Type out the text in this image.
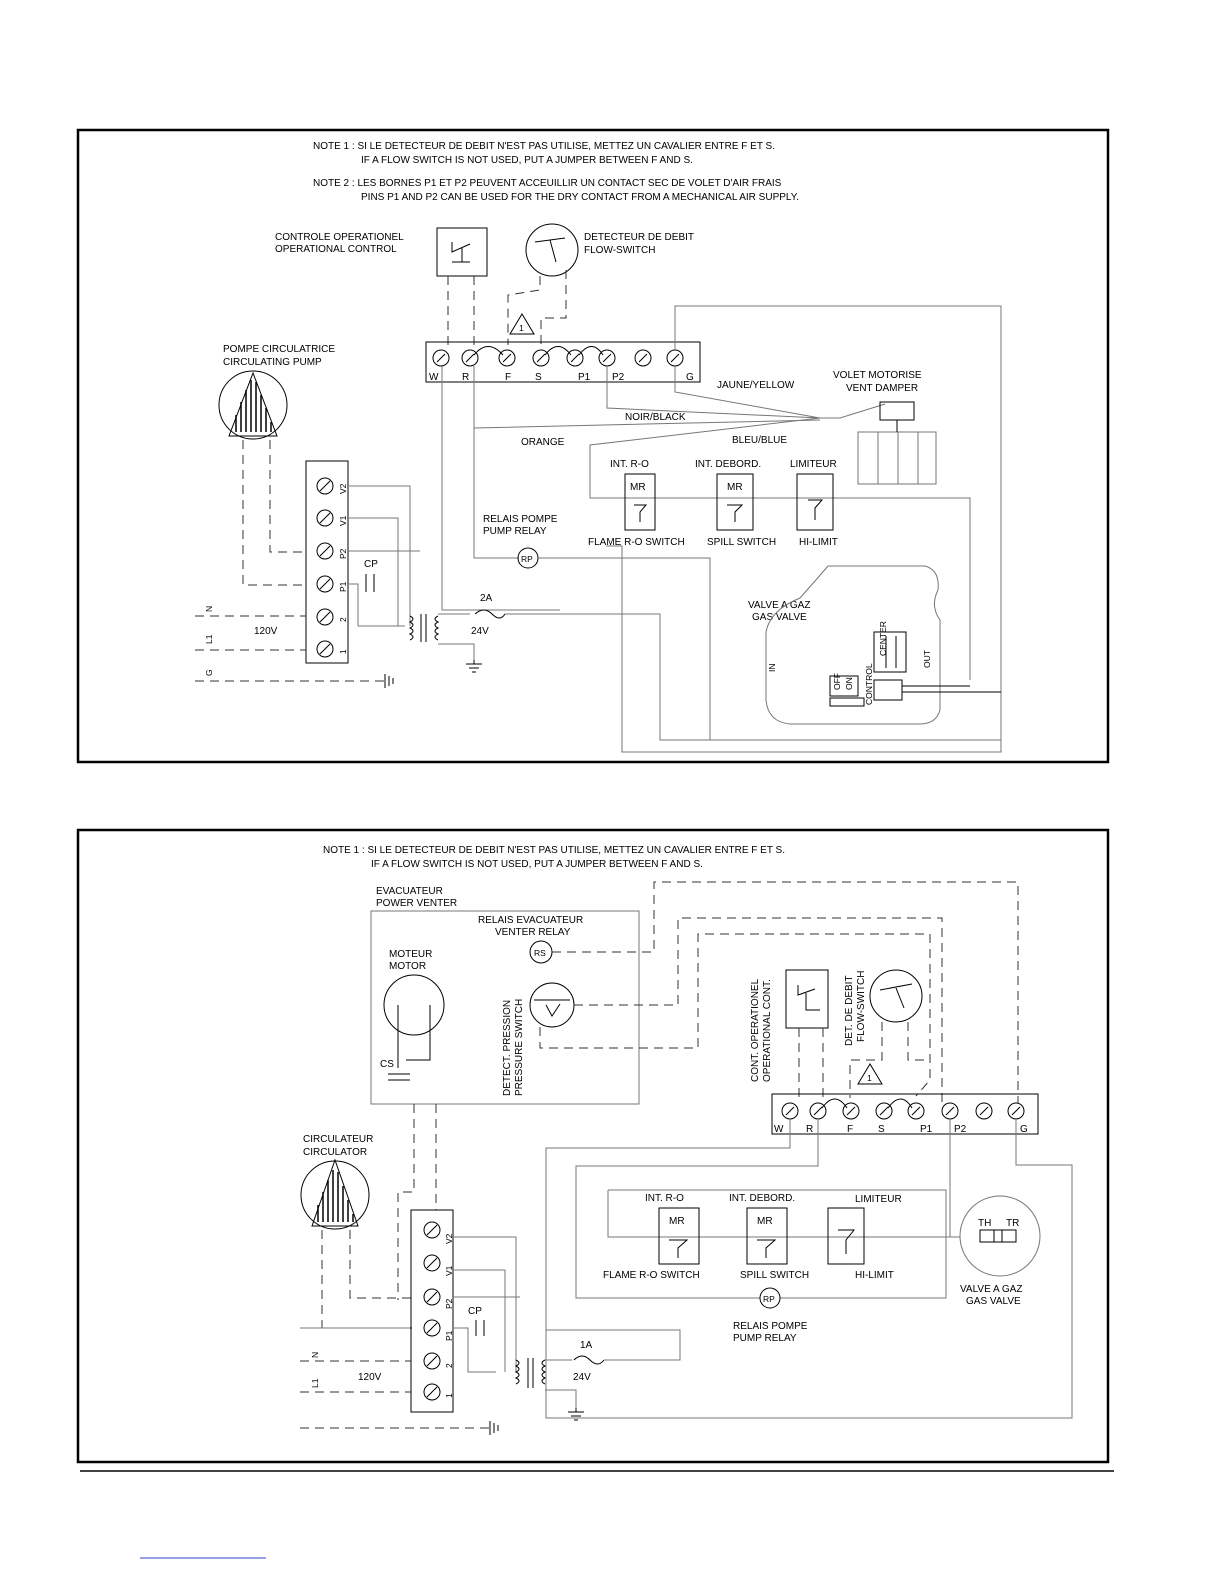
NOTE 1 : SI LE DETECTEUR DE DEBIT N'EST PAS UTILISE, METTEZ UN CAVALIER ENTRE F ET S.
IF A FLOW SWITCH IS NOT USED, PUT A JUMPER BETWEEN F AND S.
NOTE 2 : LES BORNES P1 ET P2 PEUVENT ACCEUILLIR UN CONTACT SEC DE VOLET D'AIR FRAIS
PINS P1 AND P2 CAN BE USED FOR THE DRY CONTACT FROM A MECHANICAL AIR SUPPLY.
CONTROLE OPERATIONEL
OPERATIONAL CONTROL
DETECTEUR DE DEBIT
FLOW-SWITCH
1
W R	F S	P1 P2	G
JAUNE/YELLOW
NOIR/BLACK
BLEU/BLUE
ORANGE
VOLET MOTORISE
VENT DAMPER
INT. R-O	INT. DEBORD.	LIMITEUR
MR	MR
FLAME R-O SWITCH SPILL SWITCH HI-LIMIT
RELAIS POMPE
PUMP RELAY
RP
POMPE CIRCULATRICE
CIRCULATING PUMP
V2
V1
P2
P1
2
1
CP
2A
24V
N
L1
G
120V
VALVE A GAZ
GAS VALVE
IN	OUT
OFF ON
CENTER
CONTROL
NOTE 1 : SI LE DETECTEUR DE DEBIT N'EST PAS UTILISE, METTEZ UN CAVALIER ENTRE F ET S.
IF A FLOW SWITCH IS NOT USED, PUT A JUMPER BETWEEN F AND S.
EVACUATEUR
POWER VENTER
MOTEUR
MOTOR
CS
RELAIS EVACUATEUR
VENTER RELAY
RS
DETECT. PRESSION PRESSURE SWITCH	CONT. OPERATIONEL OPERATIONAL CONT.	DET. DE DEBIT FLOW-SWITCH
1
W R	F S	P1 P2	G
INT. R-O	INT. DEBORD.	LIMITEUR
MR	MR
FLAME R-O SWITCH	SPILL SWITCH	HI-LIMIT
TH TR
VALVE A GAZ
GAS VALVE
RP
RELAIS POMPE
PUMP RELAY
CIRCULATEUR
CIRCULATOR
V2
V1
P2
P1
2
1
CP
1A
24V
N
L1
120V
